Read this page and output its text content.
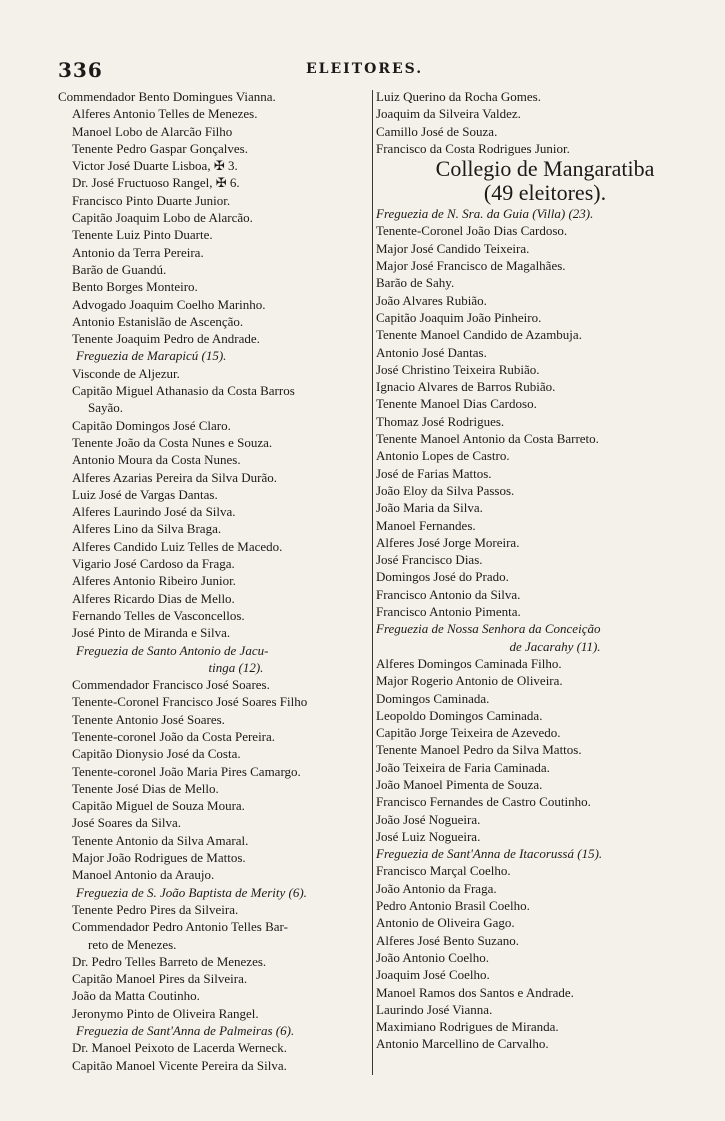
336	ELEITORES.
Commendador Bento Domingues Vianna.
Alferes Antonio Telles de Menezes.
Manoel Lobo de Alarcão Filho
Tenente Pedro Gaspar Gonçalves.
Victor José Duarte Lisboa, ✠ 3.
Dr. José Fructuoso Rangel, ✠ 6.
Francisco Pinto Duarte Junior.
Capitão Joaquim Lobo de Alarcão.
Tenente Luiz Pinto Duarte.
Antonio da Terra Pereira.
Barão de Guandú.
Bento Borges Monteiro.
Advogado Joaquim Coelho Marinho.
Antonio Estanislão de Ascenção.
Tenente Joaquim Pedro de Andrade.
Freguezia de Marapicú (15).
Visconde de Aljezur.
Capitão Miguel Athanasio da Costa Barros
Sayão.
Capitão Domingos José Claro.
Tenente João da Costa Nunes e Souza.
Antonio Moura da Costa Nunes.
Alferes Azarias Pereira da Silva Durão.
Luiz José de Vargas Dantas.
Alferes Laurindo José da Silva.
Alferes Lino da Silva Braga.
Alferes Candido Luiz Telles de Macedo.
Vigario José Cardoso da Fraga.
Alferes Antonio Ribeiro Junior.
Alferes Ricardo Dias de Mello.
Fernando Telles de Vasconcellos.
José Pinto de Miranda e Silva.
Freguezia de Santo Antonio de Jacu-
tinga (12).
Commendador Francisco José Soares.
Tenente-Coronel Francisco José Soares Filho
Tenente Antonio José Soares.
Tenente-coronel João da Costa Pereira.
Capitão Dionysio José da Costa.
Tenente-coronel João Maria Pires Camargo.
Tenente José Dias de Mello.
Capitão Miguel de Souza Moura.
José Soares da Silva.
Tenente Antonio da Silva Amaral.
Major João Rodrigues de Mattos.
Manoel Antonio da Araujo.
Freguezia de S. João Baptista de Merity (6).
Tenente Pedro Pires da Silveira.
Commendador Pedro Antonio Telles Bar-
reto de Menezes.
Dr. Pedro Telles Barreto de Menezes.
Capitão Manoel Pires da Silveira.
João da Matta Coutinho.
Jeronymo Pinto de Oliveira Rangel.
Freguezia de Sant'Anna de Palmeiras (6).
Dr. Manoel Peixoto de Lacerda Werneck.
Capitão Manoel Vicente Pereira da Silva.
Luiz Querino da Rocha Gomes.
Joaquim da Silveira Valdez.
Camillo José de Souza.
Francisco da Costa Rodrigues Junior.
Collegio de Mangaratiba
(49 eleitores).
Freguezia de N. Sra. da Guia (Villa) (23).
Tenente-Coronel João Dias Cardoso.
Major José Candido Teixeira.
Major José Francisco de Magalhães.
Barão de Sahy.
João Alvares Rubião.
Capitão Joaquim João Pinheiro.
Tenente Manoel Candido de Azambuja.
Antonio José Dantas.
José Christino Teixeira Rubião.
Ignacio Alvares de Barros Rubião.
Tenente Manoel Dias Cardoso.
Thomaz José Rodrigues.
Tenente Manoel Antonio da Costa Barreto.
Antonio Lopes de Castro.
José de Farias Mattos.
João Eloy da Silva Passos.
João Maria da Silva.
Manoel Fernandes.
Alferes José Jorge Moreira.
José Francisco Dias.
Domingos José do Prado.
Francisco Antonio da Silva.
Francisco Antonio Pimenta.
Freguezia de Nossa Senhora da Conceição
de Jacarahy (11).
Alferes Domingos Caminada Filho.
Major Rogerio Antonio de Oliveira.
Domingos Caminada.
Leopoldo Domingos Caminada.
Capitão Jorge Teixeira de Azevedo.
Tenente Manoel Pedro da Silva Mattos.
João Teixeira de Faria Caminada.
João Manoel Pimenta de Souza.
Francisco Fernandes de Castro Coutinho.
João José Nogueira.
José Luiz Nogueira.
Freguezia de Sant'Anna de Itacorussá (15).
Francisco Marçal Coelho.
João Antonio da Fraga.
Pedro Antonio Brasil Coelho.
Antonio de Oliveira Gago.
Alferes José Bento Suzano.
João Antonio Coelho.
Joaquim José Coelho.
Manoel Ramos dos Santos e Andrade.
Laurindo José Vianna.
Maximiano Rodrigues de Miranda.
Antonio Marcellino de Carvalho.
